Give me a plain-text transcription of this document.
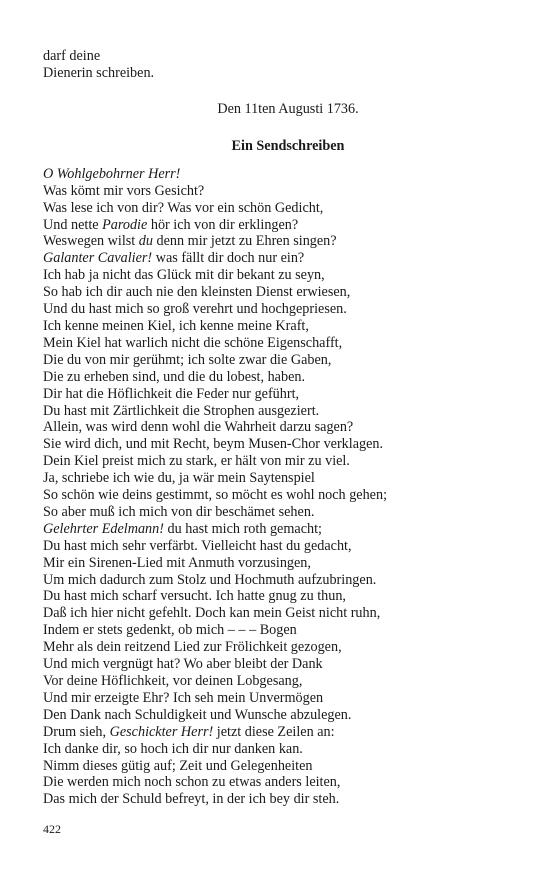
darf deine
Dienerin schreiben.
Den 11ten Augusti 1736.
Ein Sendschreiben
O Wohlgebohrner Herr!
Was kömt mir vors Gesicht?
Was lese ich von dir? Was vor ein schön Gedicht,
Und nette Parodie hör ich von dir erklingen?
Weswegen wilst du denn mir jetzt zu Ehren singen?
Galanter Cavalier! was fällt dir doch nur ein?
Ich hab ja nicht das Glück mit dir bekant zu seyn,
So hab ich dir auch nie den kleinsten Dienst erwiesen,
Und du hast mich so groß verehrt und hochgepriesen.
Ich kenne meinen Kiel, ich kenne meine Kraft,
Mein Kiel hat warlich nicht die schöne Eigenschafft,
Die du von mir gerühmt; ich solte zwar die Gaben,
Die zu erheben sind, und die du lobest, haben.
Dir hat die Höflichkeit die Feder nur geführt,
Du hast mit Zärtlichkeit die Strophen ausgeziert.
Allein, was wird denn wohl die Wahrheit darzu sagen?
Sie wird dich, und mit Recht, beym Musen-Chor verklagen.
Dein Kiel preist mich zu stark, er hält von mir zu viel.
Ja, schriebe ich wie du, ja wär mein Saytenspiel
So schön wie deins gestimmt, so möcht es wohl noch gehen;
So aber muß ich mich von dir beschämet sehen.
Gelehrter Edelmann! du hast mich roth gemacht;
Du hast mich sehr verfärbt. Vielleicht hast du gedacht,
Mir ein Sirenen-Lied mit Anmuth vorzusingen,
Um mich dadurch zum Stolz und Hochmuth aufzubringen.
Du hast mich scharf versucht. Ich hatte gnug zu thun,
Daß ich hier nicht gefehlt. Doch kan mein Geist nicht ruhn,
Indem er stets gedenkt, ob mich – – – Bogen
Mehr als dein reitzend Lied zur Frölichkeit gezogen,
Und mich vergnügt hat? Wo aber bleibt der Dank
Vor deine Höflichkeit, vor deinen Lobgesang,
Und mir erzeigte Ehr? Ich seh mein Unvermögen
Den Dank nach Schuldigkeit und Wunsche abzulegen.
Drum sieh, Geschickter Herr! jetzt diese Zeilen an:
Ich danke dir, so hoch ich dir nur danken kan.
Nimm dieses gütig auf; Zeit und Gelegenheiten
Die werden mich noch schon zu etwas anders leiten,
Das mich der Schuld befreyt, in der ich bey dir steh.
422
